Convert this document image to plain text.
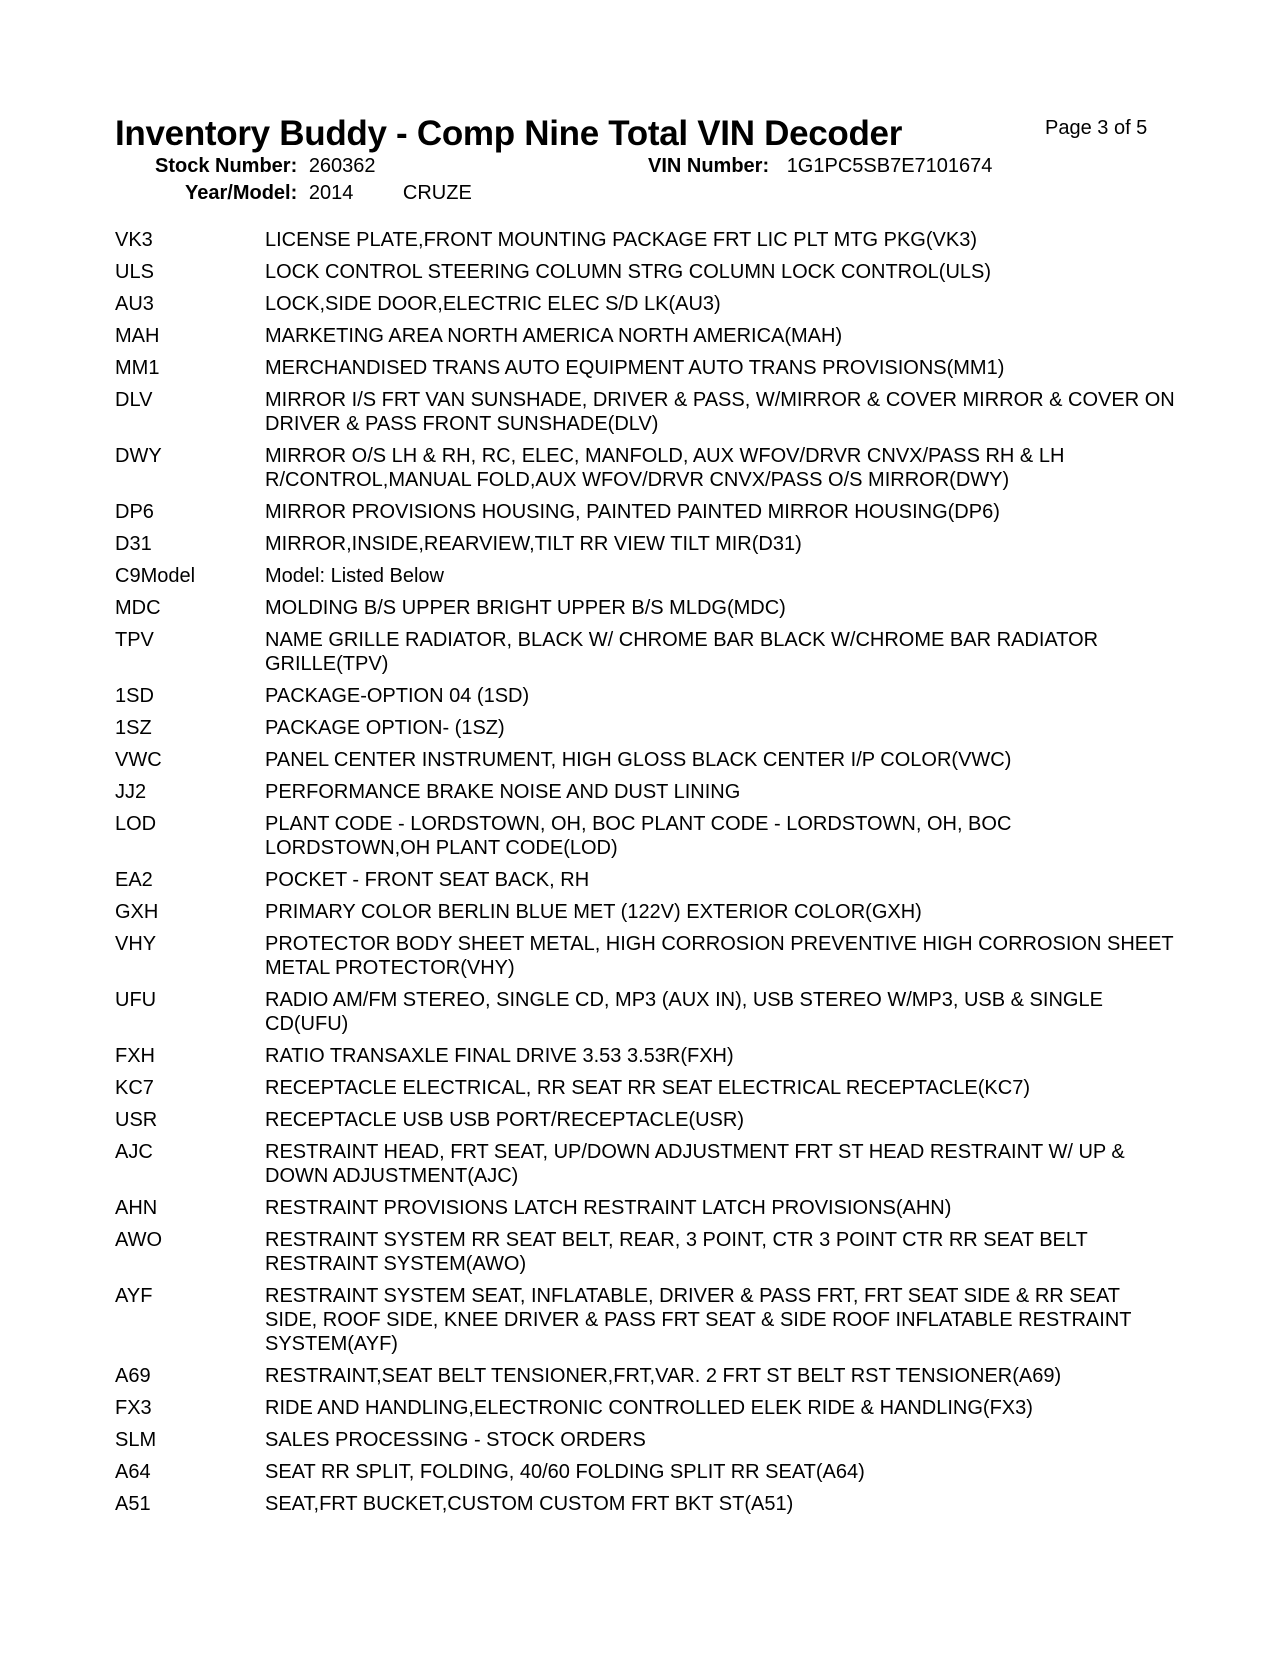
Inventory Buddy - Comp Nine Total VIN Decoder	Page 3 of 5
Stock Number: 260362	VIN Number: 1G1PC5SB7E7101674
Year/Model: 2014 CRUZE
VK3	LICENSE PLATE,FRONT MOUNTING PACKAGE FRT LIC PLT MTG PKG(VK3)
ULS	LOCK CONTROL STEERING COLUMN STRG COLUMN LOCK CONTROL(ULS)
AU3	LOCK,SIDE DOOR,ELECTRIC ELEC S/D LK(AU3)
MAH	MARKETING AREA NORTH AMERICA NORTH AMERICA(MAH)
MM1	MERCHANDISED TRANS AUTO EQUIPMENT AUTO TRANS PROVISIONS(MM1)
DLV	MIRROR I/S FRT VAN SUNSHADE, DRIVER & PASS, W/MIRROR & COVER MIRROR & COVER ON DRIVER & PASS FRONT SUNSHADE(DLV)
DWY	MIRROR O/S LH & RH, RC, ELEC, MANFOLD, AUX WFOV/DRVR CNVX/PASS RH & LH R/CONTROL,MANUAL FOLD,AUX WFOV/DRVR CNVX/PASS O/S MIRROR(DWY)
DP6	MIRROR PROVISIONS HOUSING, PAINTED PAINTED MIRROR HOUSING(DP6)
D31	MIRROR,INSIDE,REARVIEW,TILT RR VIEW TILT MIR(D31)
C9Model	Model: Listed Below
MDC	MOLDING B/S UPPER BRIGHT UPPER B/S MLDG(MDC)
TPV	NAME GRILLE RADIATOR, BLACK W/ CHROME BAR BLACK W/CHROME BAR RADIATOR GRILLE(TPV)
1SD	PACKAGE-OPTION 04 (1SD)
1SZ	PACKAGE OPTION- (1SZ)
VWC	PANEL CENTER INSTRUMENT, HIGH GLOSS BLACK CENTER I/P COLOR(VWC)
JJ2	PERFORMANCE BRAKE NOISE AND DUST LINING
LOD	PLANT CODE - LORDSTOWN, OH, BOC PLANT CODE - LORDSTOWN, OH, BOC LORDSTOWN,OH PLANT CODE(LOD)
EA2	POCKET - FRONT SEAT BACK, RH
GXH	PRIMARY COLOR BERLIN BLUE MET (122V) EXTERIOR COLOR(GXH)
VHY	PROTECTOR BODY SHEET METAL, HIGH CORROSION PREVENTIVE HIGH CORROSION SHEET METAL PROTECTOR(VHY)
UFU	RADIO AM/FM STEREO, SINGLE CD, MP3 (AUX IN), USB STEREO W/MP3, USB & SINGLE CD(UFU)
FXH	RATIO TRANSAXLE FINAL DRIVE 3.53 3.53R(FXH)
KC7	RECEPTACLE ELECTRICAL, RR SEAT RR SEAT ELECTRICAL RECEPTACLE(KC7)
USR	RECEPTACLE USB USB PORT/RECEPTACLE(USR)
AJC	RESTRAINT HEAD, FRT SEAT, UP/DOWN ADJUSTMENT FRT ST HEAD RESTRAINT W/ UP & DOWN ADJUSTMENT(AJC)
AHN	RESTRAINT PROVISIONS LATCH RESTRAINT LATCH PROVISIONS(AHN)
AWO	RESTRAINT SYSTEM RR SEAT BELT, REAR, 3 POINT, CTR 3 POINT CTR RR SEAT BELT RESTRAINT SYSTEM(AWO)
AYF	RESTRAINT SYSTEM SEAT, INFLATABLE, DRIVER & PASS FRT, FRT SEAT SIDE & RR SEAT SIDE, ROOF SIDE, KNEE DRIVER & PASS FRT SEAT & SIDE ROOF INFLATABLE RESTRAINT SYSTEM(AYF)
A69	RESTRAINT,SEAT BELT TENSIONER,FRT,VAR. 2 FRT ST BELT RST TENSIONER(A69)
FX3	RIDE AND HANDLING,ELECTRONIC CONTROLLED ELEK RIDE & HANDLING(FX3)
SLM	SALES PROCESSING - STOCK ORDERS
A64	SEAT RR SPLIT, FOLDING, 40/60 FOLDING SPLIT RR SEAT(A64)
A51	SEAT,FRT BUCKET,CUSTOM CUSTOM FRT BKT ST(A51)
